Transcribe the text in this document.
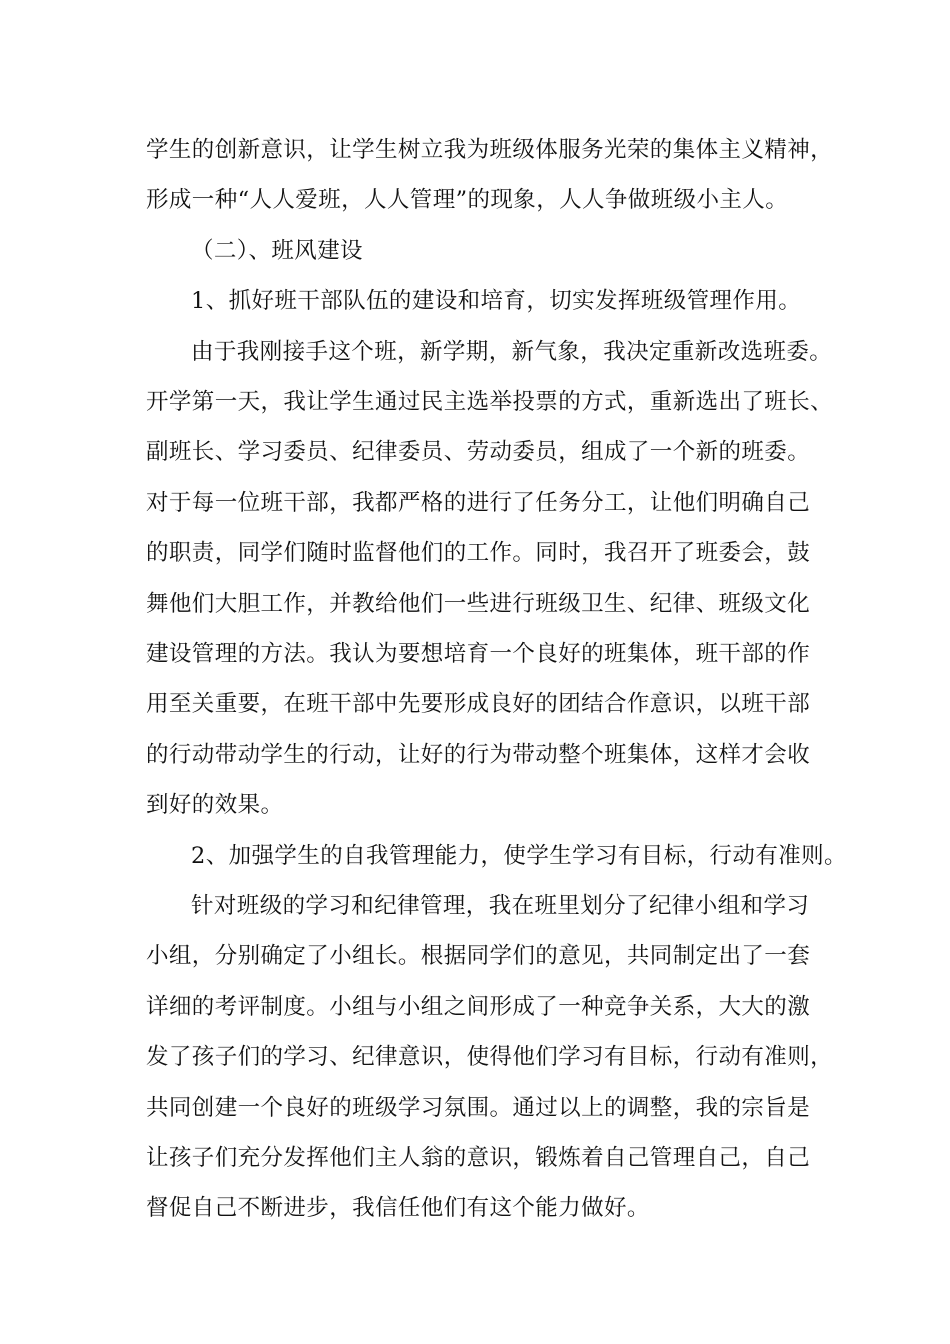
学生的创新意识，让学生树立我为班级体服务光荣的集体主义精神，

形成一种“人人爱班，人人管理”的现象，人人争做班级小主人。

（二）、班风建设

1、抓好班干部队伍的建设和培育，切实发挥班级管理作用。

由于我刚接手这个班，新学期，新气象，我决定重新改选班委。

开学第一天，我让学生通过民主选举投票的方式，重新选出了班长、

副班长、学习委员、纪律委员、劳动委员，组成了一个新的班委。

对于每一位班干部，我都严格的进行了任务分工，让他们明确自己

的职责，同学们随时监督他们的工作。同时，我召开了班委会，鼓

舞他们大胆工作，并教给他们一些进行班级卫生、纪律、班级文化

建设管理的方法。我认为要想培育一个良好的班集体，班干部的作

用至关重要，在班干部中先要形成良好的团结合作意识，以班干部

的行动带动学生的行动，让好的行为带动整个班集体，这样才会收

到好的效果。

2、加强学生的自我管理能力，使学生学习有目标，行动有准则。

针对班级的学习和纪律管理，我在班里划分了纪律小组和学习

小组，分别确定了小组长。根据同学们的意见，共同制定出了一套

详细的考评制度。小组与小组之间形成了一种竞争关系，大大的激

发了孩子们的学习、纪律意识，使得他们学习有目标，行动有准则，

共同创建一个良好的班级学习氛围。通过以上的调整，我的宗旨是

让孩子们充分发挥他们主人翁的意识，锻炼着自己管理自己，自己

督促自己不断进步，我信任他们有这个能力做好。
